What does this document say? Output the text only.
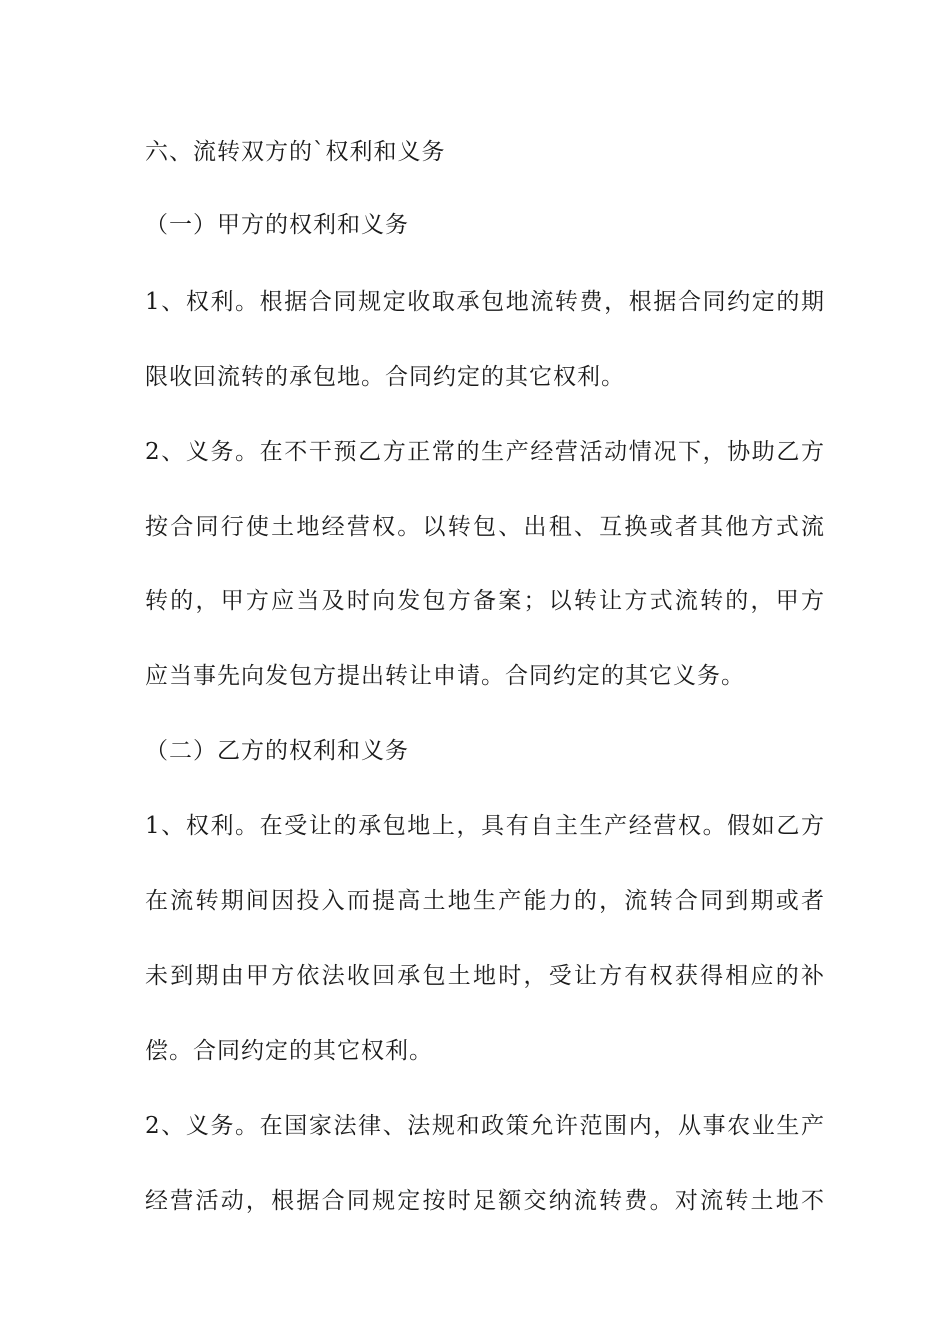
六、流转双方的`权利和义务
（一）甲方的权利和义务
1、权利。根据合同规定收取承包地流转费，根据合同约定的期
限收回流转的承包地。合同约定的其它权利。
2、义务。在不干预乙方正常的生产经营活动情况下，协助乙方
按合同行使土地经营权。以转包、出租、互换或者其他方式流
转的，甲方应当及时向发包方备案；以转让方式流转的，甲方
应当事先向发包方提出转让申请。合同约定的其它义务。
（二）乙方的权利和义务
1、权利。在受让的承包地上，具有自主生产经营权。假如乙方
在流转期间因投入而提高土地生产能力的，流转合同到期或者
未到期由甲方依法收回承包土地时，受让方有权获得相应的补
偿。合同约定的其它权利。
2、义务。在国家法律、法规和政策允许范围内，从事农业生产
经营活动，根据合同规定按时足额交纳流转费。对流转土地不
